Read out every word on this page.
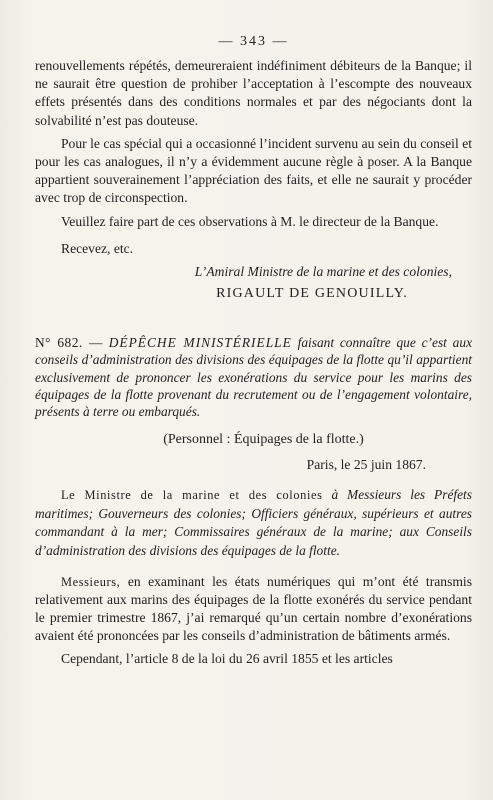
— 343 —

renouvellements répétés, demeureraient indéfiniment débiteurs de la Banque; il ne saurait être question de prohiber l’acceptation à l’escompte des nouveaux effets présentés dans des conditions normales et par des négociants dont la solvabilité n’est pas douteuse.

Pour le cas spécial qui a occasionné l’incident survenu au sein du conseil et pour les cas analogues, il n’y a évidemment aucune règle à poser. A la Banque appartient souverainement l’appréciation des faits, et elle ne saurait y procéder avec trop de circonspection.

Veuillez faire part de ces observations à M. le directeur de la Banque.

Recevez, etc.

L’Amiral Ministre de la marine et des colonies,

RIGAULT DE GENOUILLY.
N° 682. — DÉPÊCHE MINISTÉRIELLE faisant connaître que c’est aux conseils d’administration des divisions des équipages de la flotte qu’il appartient exclusivement de prononcer les exonérations du service pour les marins des équipages de la flotte provenant du recrutement ou de l’engagement volontaire, présents à terre ou embarqués.
(Personnel : Équipages de la flotte.)
Paris, le 25 juin 1867.

Le Ministre de la marine et des colonies à Messieurs les Préfets maritimes; Gouverneurs des colonies; Officiers généraux, supérieurs et autres commandant à la mer; Commissaires généraux de la marine; aux Conseils d’administration des divisions des équipages de la flotte.

Messieurs, en examinant les états numériques qui m’ont été transmis relativement aux marins des équipages de la flotte exonérés du service pendant le premier trimestre 1867, j’ai remarqué qu’un certain nombre d’exonérations avaient été prononcées par les conseils d’administration de bâtiments armés.

Cependant, l’article 8 de la loi du 26 avril 1855 et les articles
